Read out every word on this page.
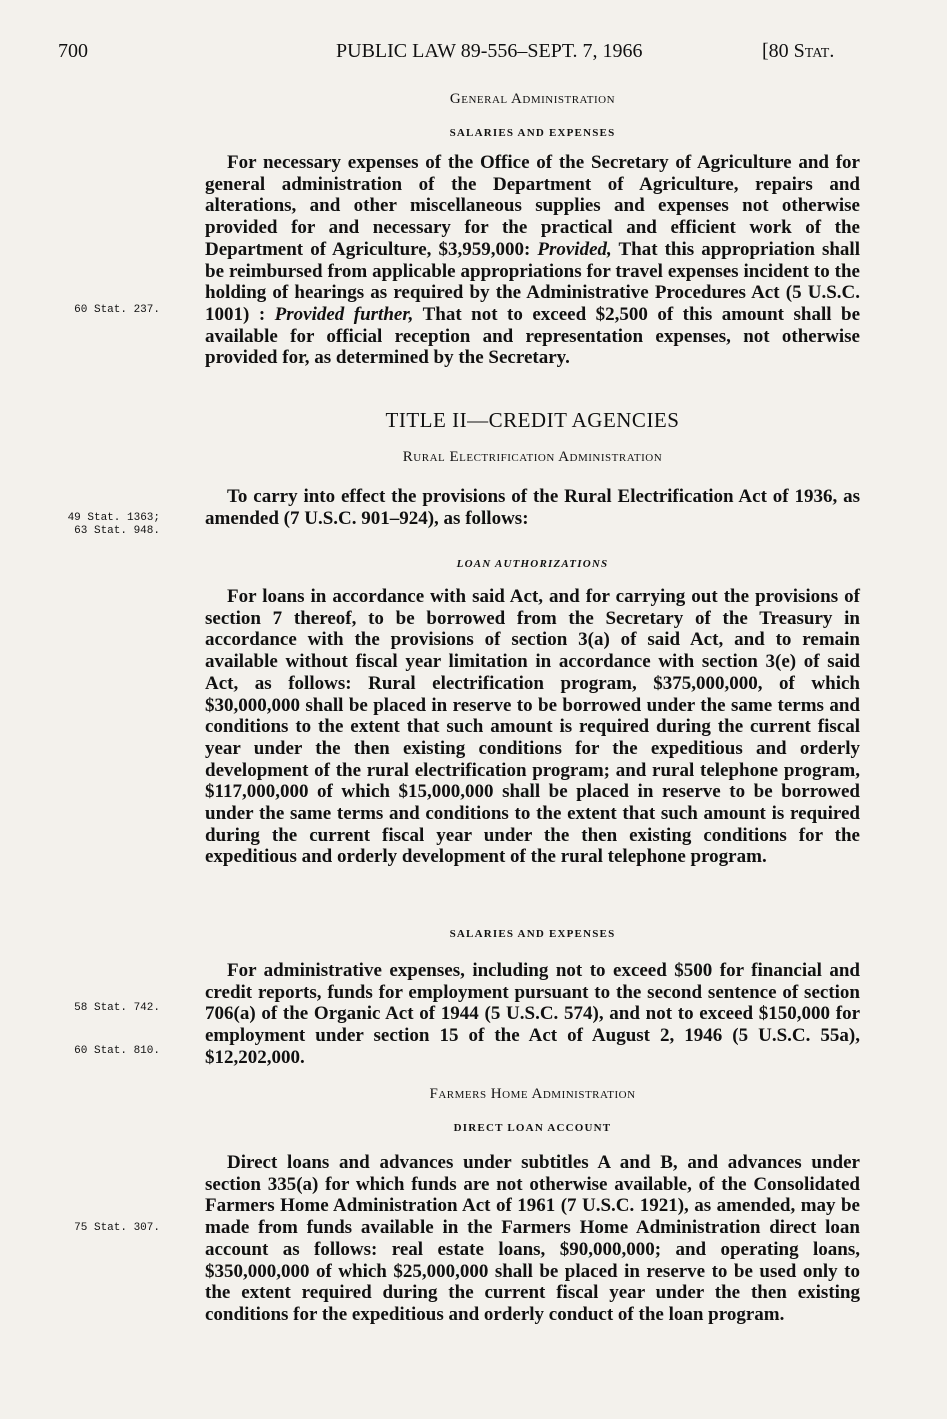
700	PUBLIC LAW 89-556–SEPT. 7, 1966	[80 Stat.
60 Stat. 237.
49 Stat. 1363;
63 Stat. 948.
58 Stat. 742.
60 Stat. 810.
75 Stat. 307.
General Administration
SALARIES AND EXPENSES

For necessary expenses of the Office of the Secretary of Agriculture and for general administration of the Department of Agriculture, repairs and alterations, and other miscellaneous supplies and expenses not otherwise provided for and necessary for the practical and efficient work of the Department of Agriculture, $3,959,000: Provided, That this appropriation shall be reimbursed from applicable appropriations for travel expenses incident to the holding of hearings as required by the Administrative Procedures Act (5 U.S.C. 1001) : Provided further, That not to exceed $2,500 of this amount shall be available for official reception and representation expenses, not otherwise provided for, as determined by the Secretary.

TITLE II—CREDIT AGENCIES
Rural Electrification Administration

To carry into effect the provisions of the Rural Electrification Act of 1936, as amended (7 U.S.C. 901–924), as follows:

LOAN AUTHORIZATIONS

For loans in accordance with said Act, and for carrying out the provisions of section 7 thereof, to be borrowed from the Secretary of the Treasury in accordance with the provisions of section 3(a) of said Act, and to remain available without fiscal year limitation in accordance with section 3(e) of said Act, as follows: Rural electrification program, $375,000,000, of which $30,000,000 shall be placed in reserve to be borrowed under the same terms and conditions to the extent that such amount is required during the current fiscal year under the then existing conditions for the expeditious and orderly development of the rural electrification program; and rural telephone program, $117,000,000 of which $15,000,000 shall be placed in reserve to be borrowed under the same terms and conditions to the extent that such amount is required during the current fiscal year under the then existing conditions for the expeditious and orderly development of the rural telephone program.

SALARIES AND EXPENSES

For administrative expenses, including not to exceed $500 for financial and credit reports, funds for employment pursuant to the second sentence of section 706(a) of the Organic Act of 1944 (5 U.S.C. 574), and not to exceed $150,000 for employment under section 15 of the Act of August 2, 1946 (5 U.S.C. 55a), $12,202,000.

Farmers Home Administration
DIRECT LOAN ACCOUNT

Direct loans and advances under subtitles A and B, and advances under section 335(a) for which funds are not otherwise available, of the Consolidated Farmers Home Administration Act of 1961 (7 U.S.C. 1921), as amended, may be made from funds available in the Farmers Home Administration direct loan account as follows: real estate loans, $90,000,000; and operating loans, $350,000,000 of which $25,000,000 shall be placed in reserve to be used only to the extent required during the current fiscal year under the then existing conditions for the expeditious and orderly conduct of the loan program.
